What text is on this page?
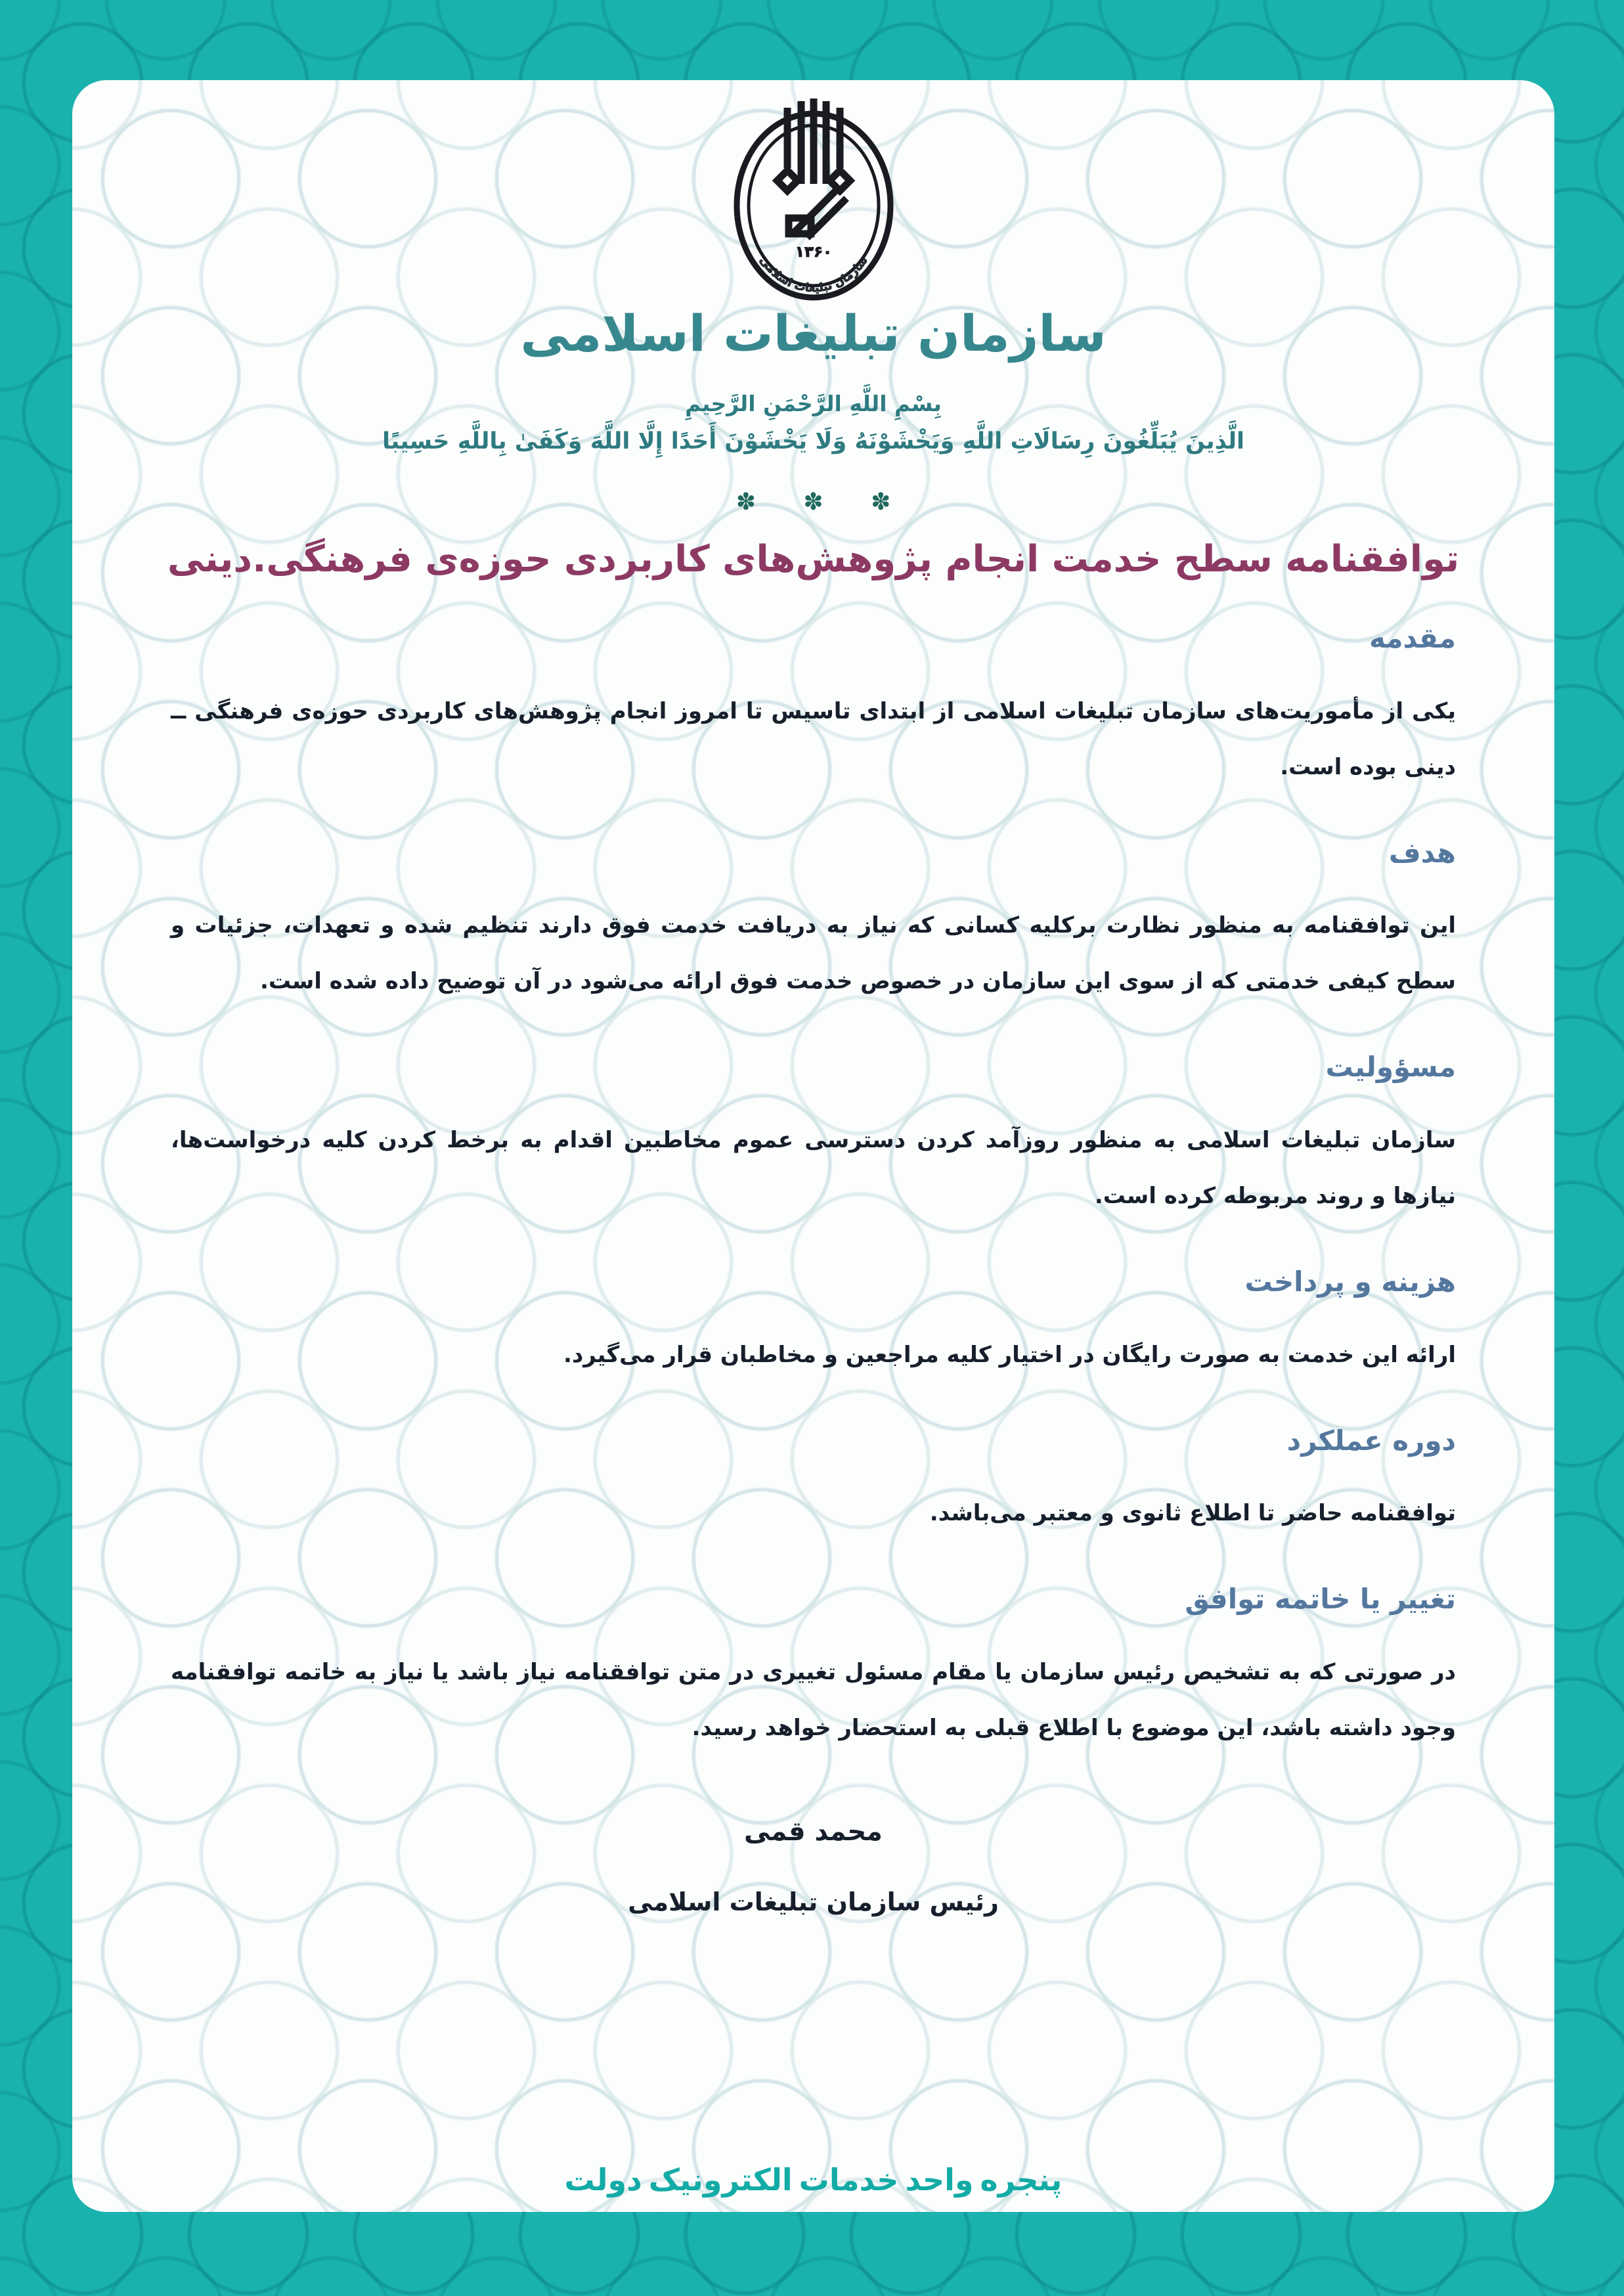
۱۳۶۰
سازمان تبلیغات اسلامی
سازمان تبلیغات اسلامی
بِسْمِ اللَّهِ الرَّحْمَنِ الرَّحِيمِ
الَّذِينَ يُبَلِّغُونَ رِسَالَاتِ اللَّهِ وَيَخْشَوْنَهُ وَلَا يَخْشَوْنَ أَحَدًا إِلَّا اللَّهَ وَكَفَىٰ بِاللَّهِ حَسِيبًا
✽ ✽ ✽
توافقنامه سطح خدمت انجام پژوهش‌های کاربردی حوزه‌ی فرهنگی.دینی
مقدمه

یکی از مأموریت‌های سازمان تبلیغات اسلامی از ابتدای تاسیس تا امروز انجام پژوهش‌های کاربردی حوزه‌ی فرهنگی ــ دینی بوده است.

هدف

این توافقنامه به منظور نظارت برکلیه کسانی که نیاز به دریافت خدمت فوق دارند تنظیم شده و تعهدات، جزئیات و سطح کیفی خدمتی که از سوی این سازمان در خصوص خدمت فوق ارائه می‌شود در آن توضیح داده شده است.

مسؤولیت

سازمان تبلیغات اسلامی به منظور روزآمد کردن دسترسی عموم مخاطبین اقدام به برخط کردن کلیه درخواست‌ها، نیازها و روند مربوطه کرده است.

هزینه و پرداخت

ارائه این خدمت به صورت رایگان در اختیار کلیه مراجعین و مخاطبان قرار می‌گیرد.

دوره عملکرد

توافقنامه حاضر تا اطلاع ثانوی و معتبر می‌باشد.

تغییر یا خاتمه توافق

در صورتی که به تشخیص رئیس سازمان یا مقام مسئول تغییری در متن توافقنامه نیاز باشد یا نیاز به خاتمه توافقنامه وجود داشته باشد، این موضوع با اطلاع قبلی به استحضار خواهد رسید.

محمد قمی
رئیس سازمان تبلیغات اسلامی
پنجره واحد خدمات الکترونیک دولت
